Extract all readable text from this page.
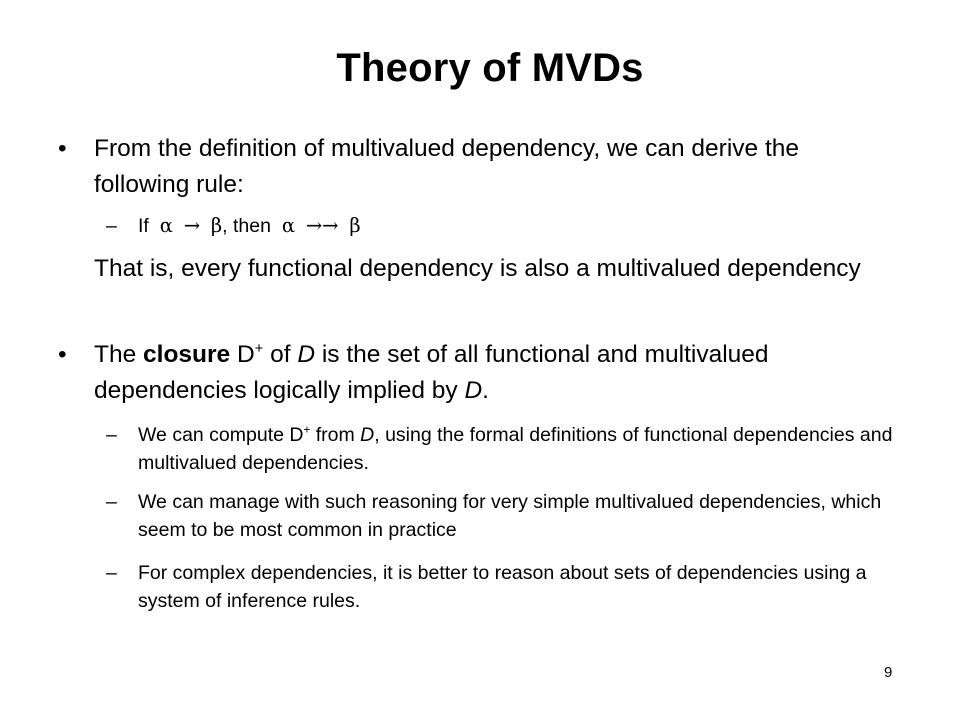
Theory of MVDs
• From the definition of multivalued dependency, we can derive the following rule:
– If α → β, then α →→ β
That is, every functional dependency is also a multivalued dependency
• The closure D+ of D is the set of all functional and multivalued dependencies logically implied by D.
– We can compute D+ from D, using the formal definitions of functional dependencies and multivalued dependencies.
– We can manage with such reasoning for very simple multivalued dependencies, which seem to be most common in practice
– For complex dependencies, it is better to reason about sets of dependencies using a system of inference rules.
9
